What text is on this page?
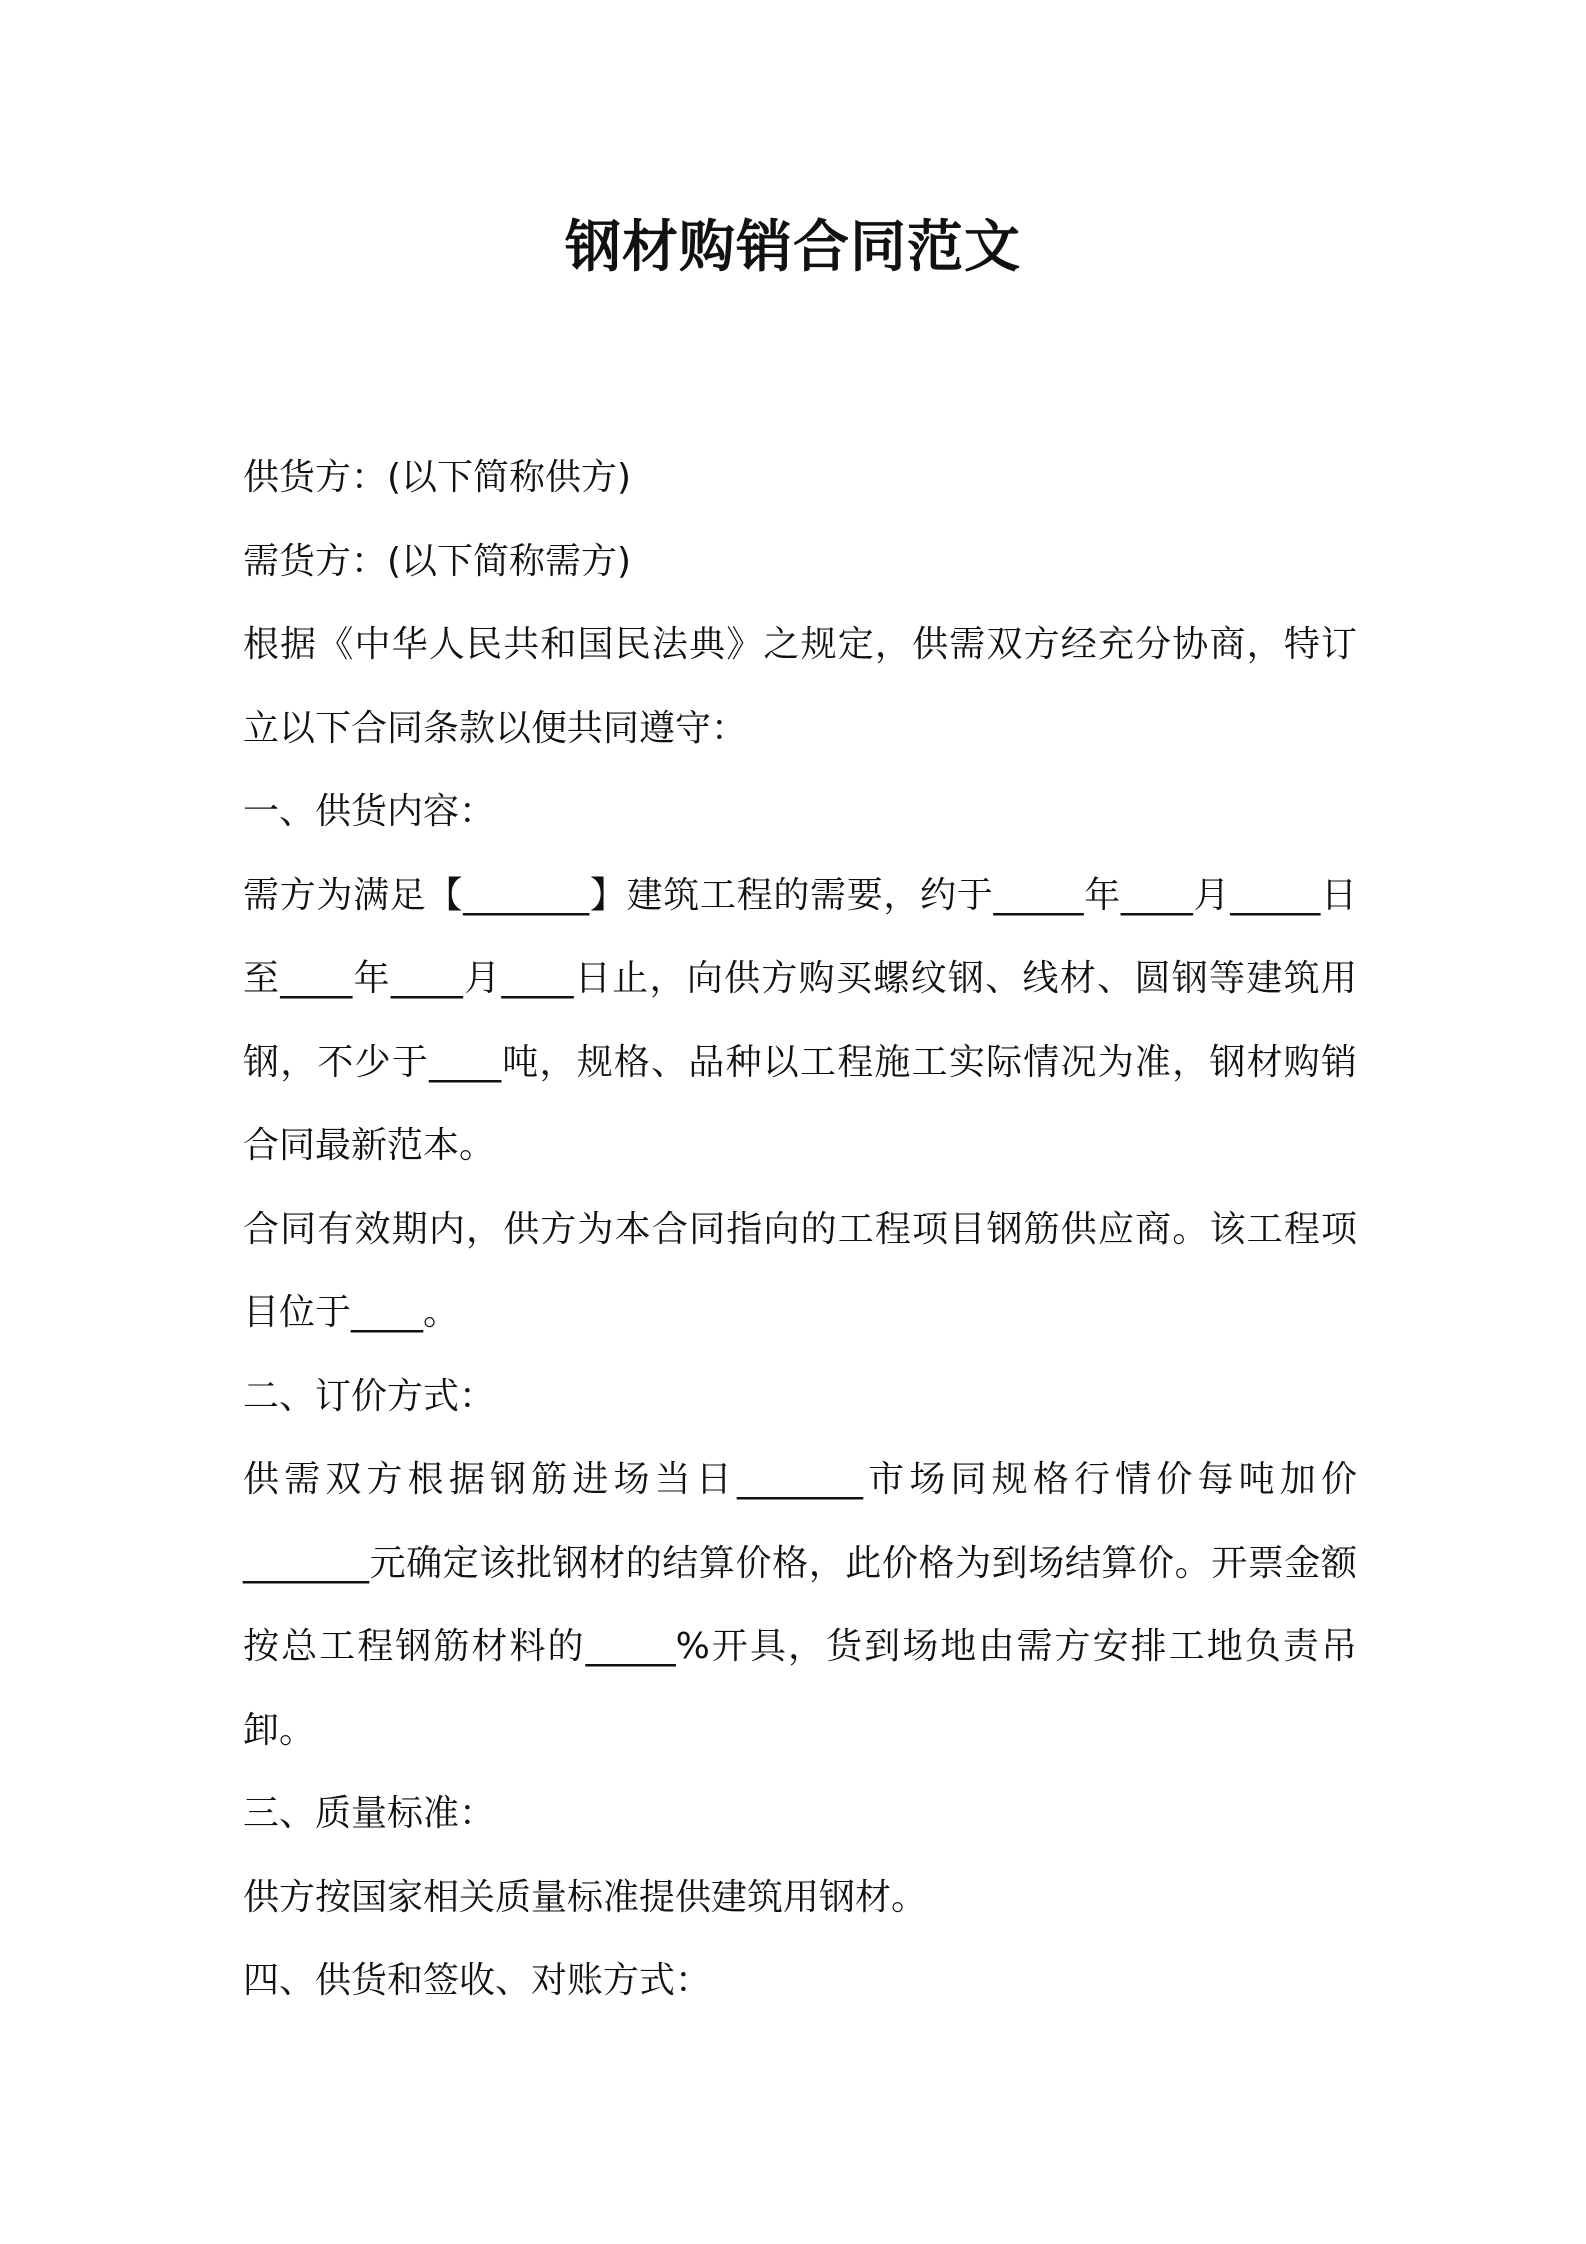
钢材购销合同范文

供货方：(以下简称供方)

需货方：(以下简称需方)

根据《中华人民共和国民法典》之规定，供需双方经充分协商，特订立以下合同条款以便共同遵守：

一、供货内容：

需方为满足【_______】建筑工程的需要，约于_____年____月_____日至____年____月____日止，向供方购买螺纹钢、线材、圆钢等建筑用钢，不少于____吨，规格、品种以工程施工实际情况为准，钢材购销合同最新范本。

合同有效期内，供方为本合同指向的工程项目钢筋供应商。该工程项目位于____。

二、订价方式：

供需双方根据钢筋进场当日_______市场同规格行情价每吨加价_______元确定该批钢材的结算价格，此价格为到场结算价。开票金额按总工程钢筋材料的_____%开具，货到场地由需方安排工地负责吊卸。

三、质量标准：

供方按国家相关质量标准提供建筑用钢材。

四、供货和签收、对账方式：
